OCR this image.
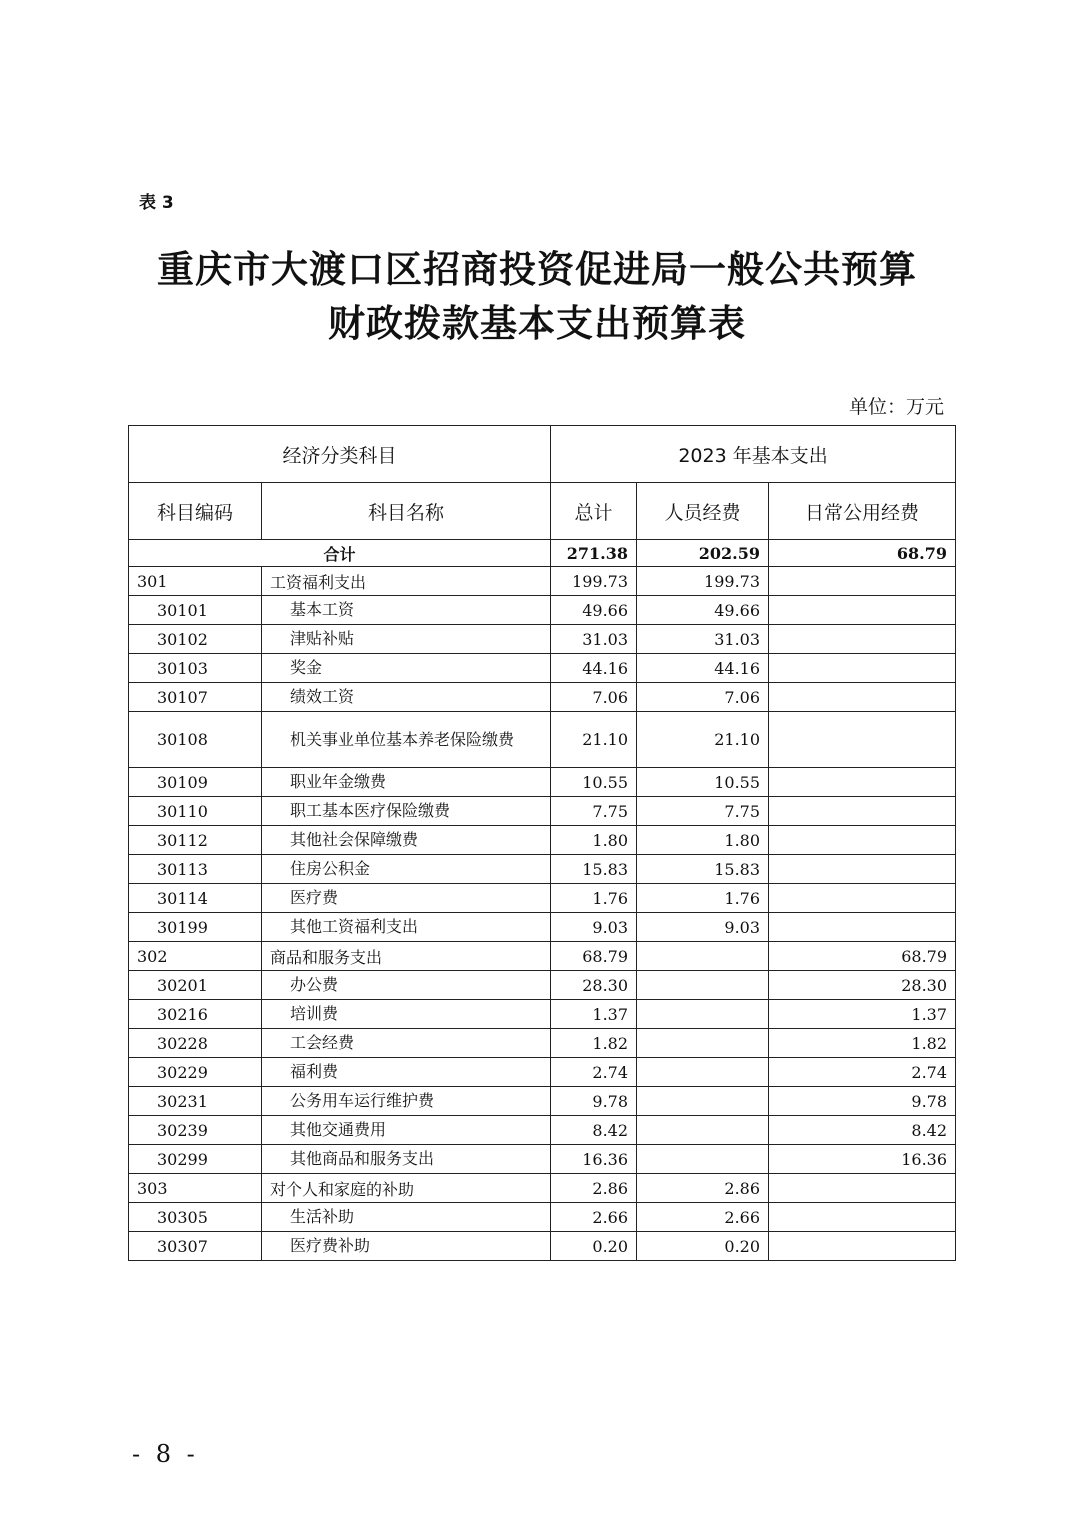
表 3
重庆市大渡口区招商投资促进局一般公共预算
财政拨款基本支出预算表
单位：万元
经济分类科目		2023 年基本支出		
科目编码	科目名称	总计	人员经费	日常公用经费
合计		271.38	202.59	68.79
301	工资福利支出	199.73	199.73	
30101	基本工资	49.66	49.66	
30102	津贴补贴	31.03	31.03	
30103	奖金	44.16	44.16	
30107	绩效工资	7.06	7.06	
30108	机关事业单位基本养老保险缴费	21.10	21.10	
30109	职业年金缴费	10.55	10.55	
30110	职工基本医疗保险缴费	7.75	7.75	
30112	其他社会保障缴费	1.80	1.80	
30113	住房公积金	15.83	15.83	
30114	医疗费	1.76	1.76	
30199	其他工资福利支出	9.03	9.03	
302	商品和服务支出	68.79		68.79
30201	办公费	28.30		28.30
30216	培训费	1.37		1.37
30228	工会经费	1.82		1.82
30229	福利费	2.74		2.74
30231	公务用车运行维护费	9.78		9.78
30239	其他交通费用	8.42		8.42
30299	其他商品和服务支出	16.36		16.36
303	对个人和家庭的补助	2.86	2.86	
30305	生活补助	2.66	2.66	
30307	医疗费补助	0.20	0.20	
- 8 -
